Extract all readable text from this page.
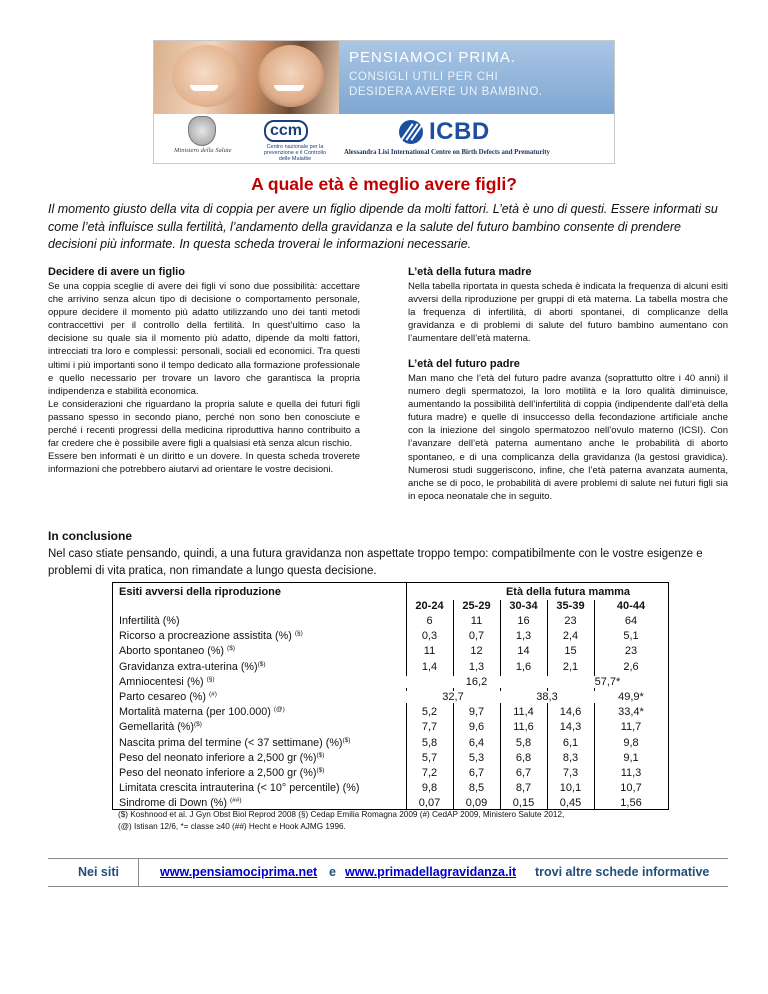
PENSIAMOCI PRIMA.
CONSIGLI UTILI PER CHI
DESIDERA AVERE UN BAMBINO.
Ministero della Salute
ccm
Centro nazionale per la prevenzione e il Controllo delle Malattie
ICBD
Alessandra Lisi International Centre on Birth Defects and Prematurity
A quale età è meglio avere figli?
Il momento giusto della vita di coppia per avere un figlio dipende da molti fattori. L’età è uno di questi. Essere informati su come l’età influisce sulla fertilità, l’andamento della gravidanza e la salute del futuro bambino consente di prendere decisioni più informate. In questa scheda troverai le informazioni necessarie.
Decidere di avere un figlio

Se una coppia sceglie di avere dei figli vi sono due possibilità: accettare che arrivino senza alcun tipo di decisione o comportamento personale, oppure decidere il momento più adatto utilizzando uno dei tanti metodi contraccettivi per il controllo della fertilità. In quest’ultimo caso la decisione su quale sia il momento più adatto, dipende da molti fattori, intrecciati tra loro e complessi: personali, sociali ed economici. Tra questi ultimi i più importanti sono il tempo dedicato alla formazione professionale e quello necessario per trovare un lavoro che garantisca la propria indipendenza e stabilità economica.

Le considerazioni che riguardano la propria salute e quella dei futuri figli passano spesso in secondo piano, perché non sono ben conosciute e perché i recenti progressi della medicina riproduttiva hanno contribuito a far credere che è possibile avere figli a qualsiasi età senza alcun rischio.

Essere ben informati è un diritto e un dovere. In questa scheda troverete informazioni che potrebbero aiutarvi ad orientare le vostre decisioni.

L’età della futura madre
Nella tabella riportata in questa scheda è indicata la frequenza di alcuni esiti avversi della riproduzione per gruppi di età materna. La tabella mostra che la frequenza di infertilità, di aborti spontanei, di complicanze della gravidanza e di problemi di salute del futuro bambino aumentano con l’aumentare dell’età materna.
L’età del futuro padre
Man mano che l’età del futuro padre avanza (soprattutto oltre i 40 anni) il numero degli spermatozoi, la loro motilità e la loro qualità diminuisce, aumentando la possibilità dell’infertilità di coppia (indipendente dall’età della futura madre) e quelle di insuccesso della fecondazione artificiale anche con la iniezione del singolo spermatozoo nell’ovulo materno (ICSI). Con l’avanzare dell’età paterna aumentano anche le probabilità di aborto spontaneo, e di una complicanza della gravidanza (la gestosi gravidica). Numerosi studi suggeriscono, infine, che l’età paterna avanzata aumenta, anche se di poco, le probabilità di avere problemi di salute nei futuri figli sia in epoca neonatale che in seguito.
In conclusione
Nel caso stiate pensando, quindi, a una futura gravidanza non aspettate troppo tempo: compatibilmente con le vostre esigenze e problemi di vita pratica, non rimandate a lungo questa decisione.
Esiti avversi della riproduzione	Età della futura mamma
20-24	25-29	30-34	35-39	40-44
Infertilità (%)	6	11	16	23	64
Ricorso a procreazione assistita (%) (§)	0,3	0,7	1,3	2,4	5,1
Aborto spontaneo (%) ($)	11	12	14	15	23
Gravidanza extra-uterina (%)($)	1,4	1,3	1,6	2,1	2,6
Amniocentesi (%) (§)	16,2	57,7*
Parto cesareo (%) (#)	32,7	38,3	49,9*
Mortalità materna (per 100.000) (@)	5,2	9,7	11,4	14,6	33,4*
Gemellarità (%)($)	7,7	9,6	11,6	14,3	11,7
Nascita prima del termine (< 37 settimane) (%)($)	5,8	6,4	5,8	6,1	9,8
Peso del neonato inferiore a 2,500 gr (%)($)	5,7	5,3	6,8	8,3	9,1
Peso del neonato inferiore a 2,500 gr (%)($)	7,2	6,7	6,7	7,3	11,3
Limitata crescita intrauterina (< 10° percentile) (%)	9,8	8,5	8,7	10,1	10,7
Sindrome di Down (%) (##)	0,07	0,09	0,15	0,45	1,56
($) Koshnood et al. J Gyn Obst Biol Reprod 2008 (§) Cedap Emilia Romagna 2009 (#) CedAP 2009, Ministero Salute 2012,
(@) Istisan 12/6, *= classe ≥40 (##) Hecht e Hook AJMG 1996.
Nei siti	www.pensiamociprima.net e www.primadellagravidanza.it trovi altre schede informative
